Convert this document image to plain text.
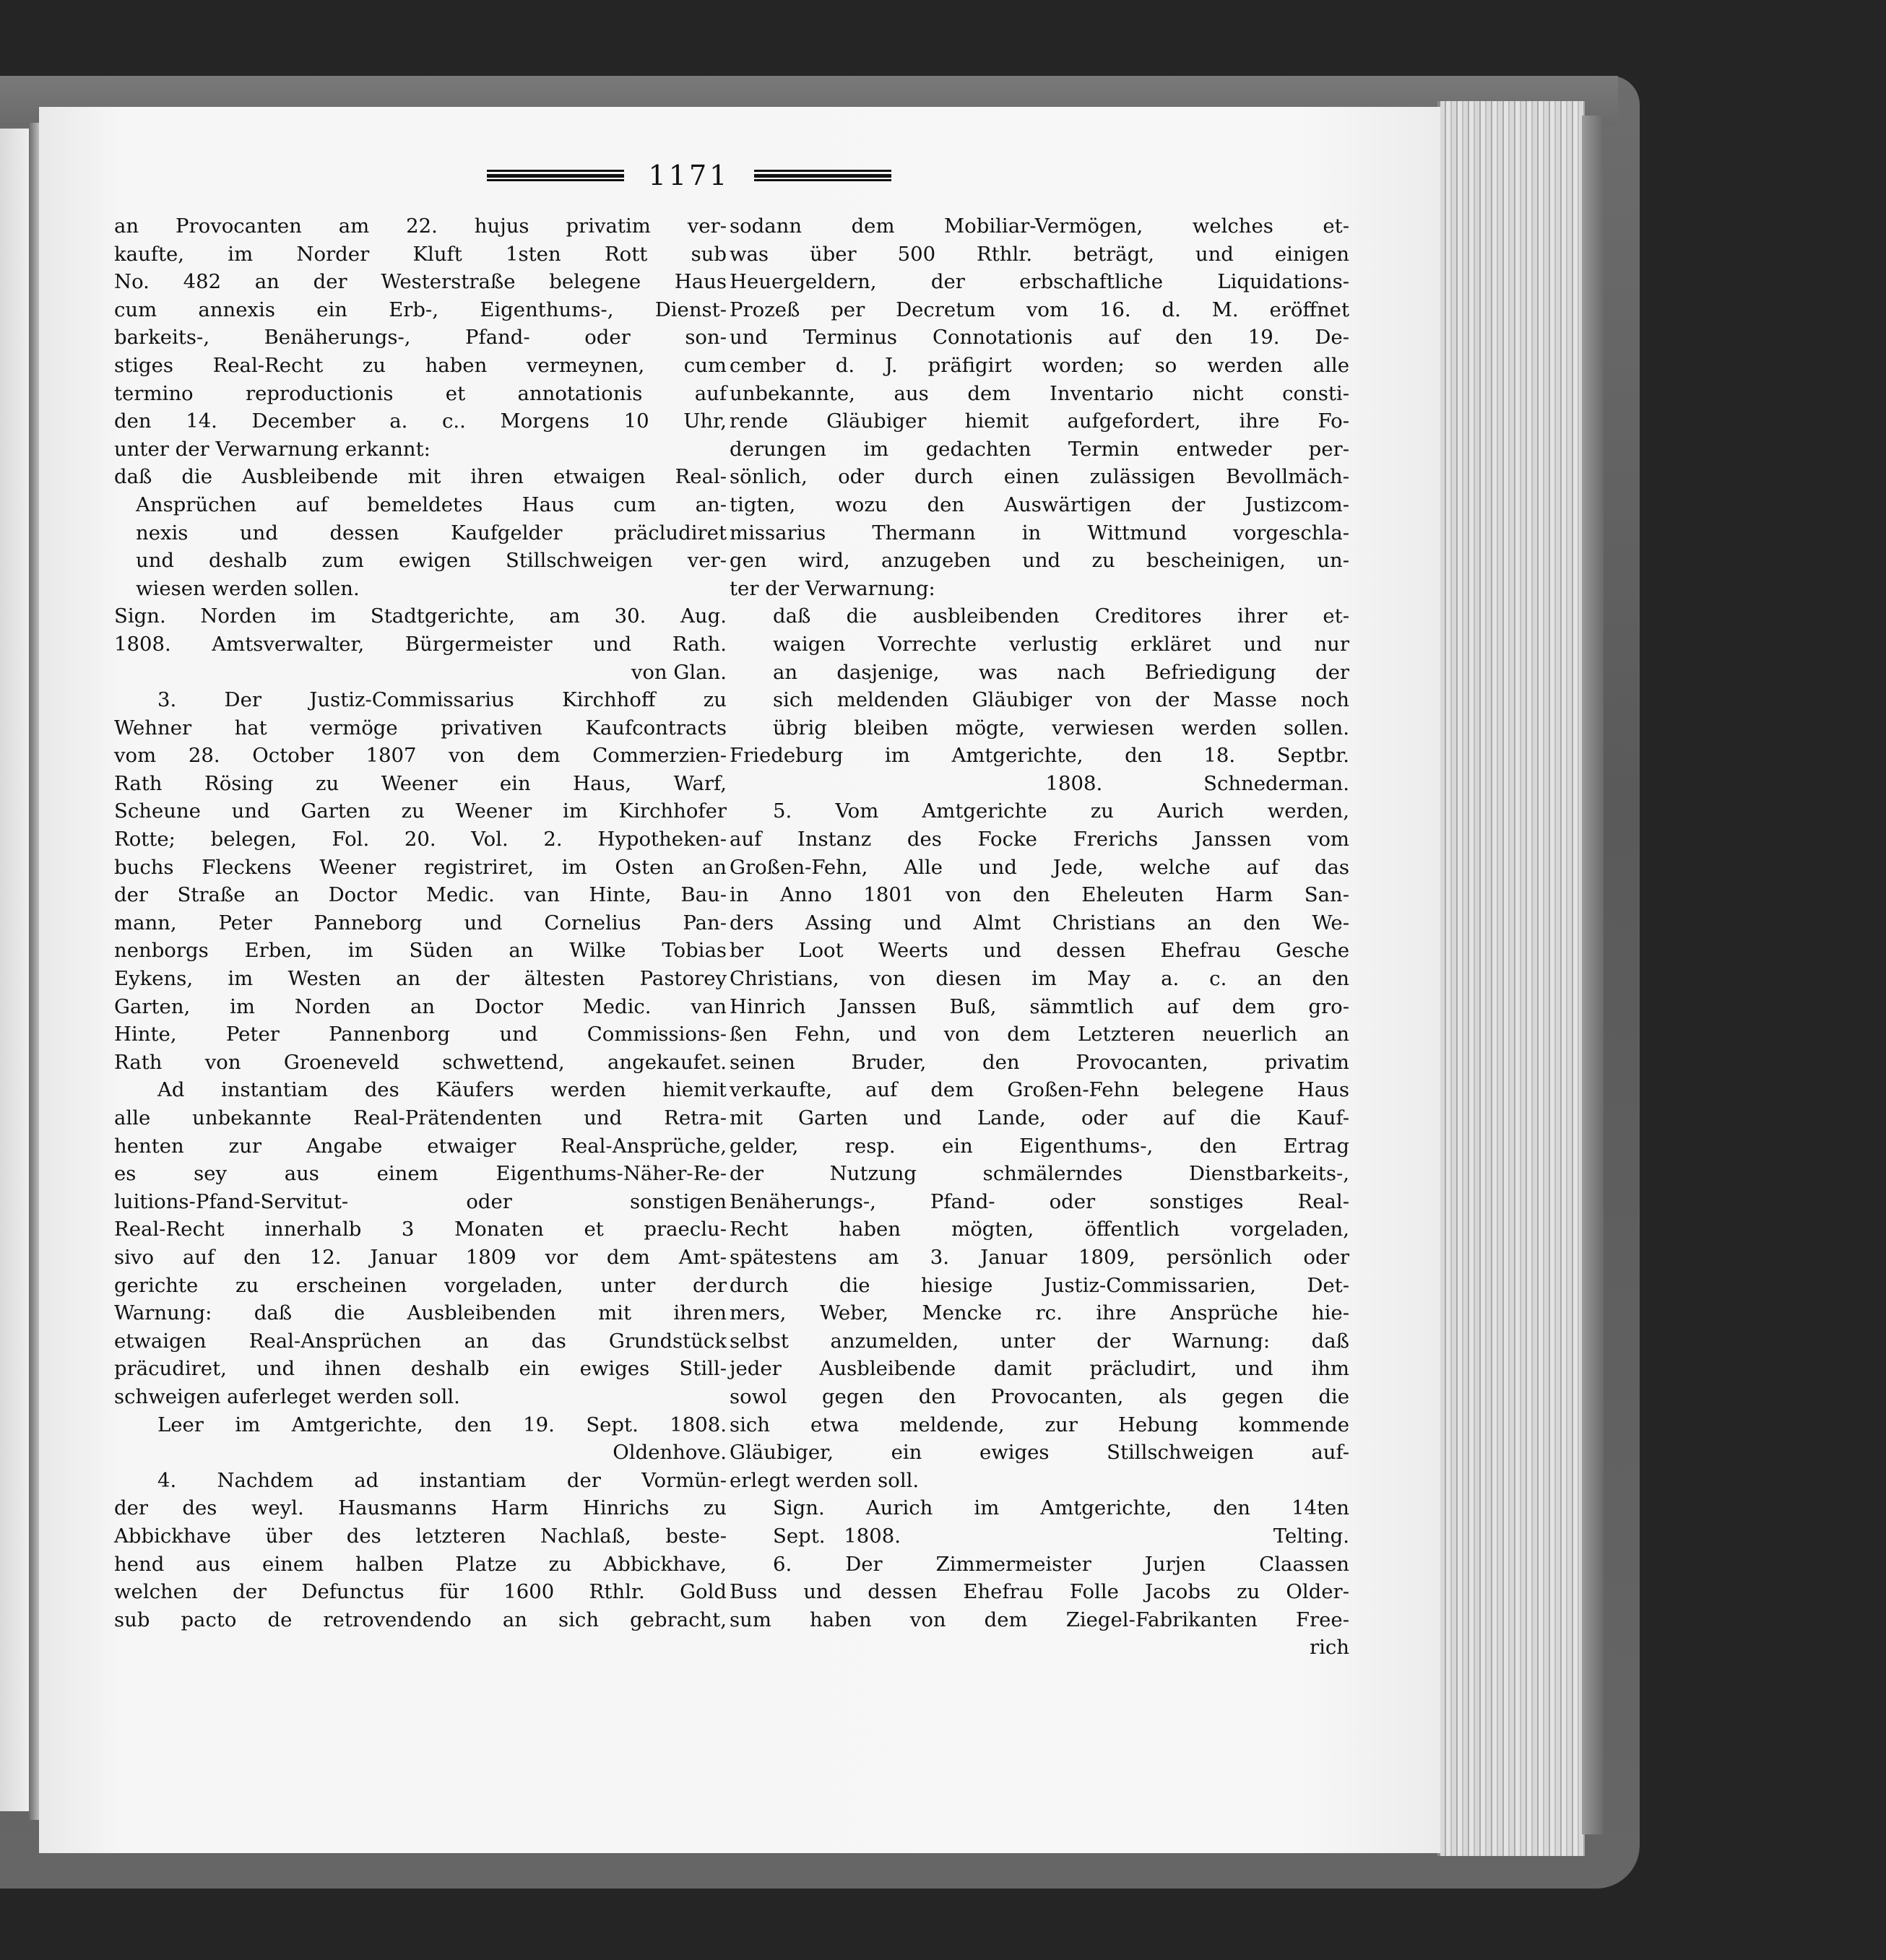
1171
an Provocanten am 22. hujus privatim ver-
kaufte, im Norder Kluft 1sten Rott sub
No. 482 an der Westerstraße belegene Haus
cum annexis ein Erb-, Eigenthums-, Dienst-
barkeits-, Benäherungs-, Pfand- oder son-
stiges Real-Recht zu haben vermeynen, cum
termino reproductionis et annotationis auf
den 14. December a. c.. Morgens 10 Uhr,
unter der Verwarnung erkannt:
daß die Ausbleibende mit ihren etwaigen Real-
Ansprüchen auf bemeldetes Haus cum an-
nexis und dessen Kaufgelder präcludiret
und deshalb zum ewigen Stillschweigen ver-
wiesen werden sollen.
Sign. Norden im Stadtgerichte, am 30. Aug.
1808. Amtsverwalter, Bürgermeister und Rath.
von Glan.
3. Der Justiz-Commissarius Kirchhoff zu
Wehner hat vermöge privativen Kaufcontracts
vom 28. October 1807 von dem Commerzien-
Rath Rösing zu Weener ein Haus, Warf,
Scheune und Garten zu Weener im Kirchhofer
Rotte; belegen, Fol. 20. Vol. 2. Hypotheken-
buchs Fleckens Weener registriret, im Osten an
der Straße an Doctor Medic. van Hinte, Bau-
mann, Peter Panneborg und Cornelius Pan-
nenborgs Erben, im Süden an Wilke Tobias
Eykens, im Westen an der ältesten Pastorey
Garten, im Norden an Doctor Medic. van
Hinte, Peter Pannenborg und Commissions-
Rath von Groeneveld schwettend, angekaufet.
Ad instantiam des Käufers werden hiemit
alle unbekannte Real-Prätendenten und Retra-
henten zur Angabe etwaiger Real-Ansprüche,
es sey aus einem Eigenthums-Näher-Re-
luitions-Pfand-Servitut- oder sonstigen
Real-Recht innerhalb 3 Monaten et praeclu-
sivo auf den 12. Januar 1809 vor dem Amt-
gerichte zu erscheinen vorgeladen, unter der
Warnung: daß die Ausbleibenden mit ihren
etwaigen Real-Ansprüchen an das Grundstück
präcudiret, und ihnen deshalb ein ewiges Still-
schweigen auferleget werden soll.
Leer im Amtgerichte, den 19. Sept. 1808.
Oldenhove.
4. Nachdem ad instantiam der Vormün-
der des weyl. Hausmanns Harm Hinrichs zu
Abbickhave über des letzteren Nachlaß, beste-
hend aus einem halben Platze zu Abbickhave,
welchen der Defunctus für 1600 Rthlr. Gold
sub pacto de retrovendendo an sich gebracht,
sodann dem Mobiliar-Vermögen, welches et-
was über 500 Rthlr. beträgt, und einigen
Heuergeldern, der erbschaftliche Liquidations-
Prozeß per Decretum vom 16. d. M. eröffnet
und Terminus Connotationis auf den 19. De-
cember d. J. präfigirt worden; so werden alle
unbekannte, aus dem Inventario nicht consti-
rende Gläubiger hiemit aufgefordert, ihre Fo-
derungen im gedachten Termin entweder per-
sönlich, oder durch einen zulässigen Bevollmäch-
tigten, wozu den Auswärtigen der Justizcom-
missarius Thermann in Wittmund vorgeschla-
gen wird, anzugeben und zu bescheinigen, un-
ter der Verwarnung:
daß die ausbleibenden Creditores ihrer et-
waigen Vorrechte verlustig erkläret und nur
an dasjenige, was nach Befriedigung der
sich meldenden Gläubiger von der Masse noch
übrig bleiben mögte, verwiesen werden sollen.
Friedeburg im Amtgerichte, den 18. Septbr.
1808.                Schnederman.
5. Vom Amtgerichte zu Aurich werden,
auf Instanz des Focke Frerichs Janssen vom
Großen-Fehn, Alle und Jede, welche auf das
in Anno 1801 von den Eheleuten Harm San-
ders Assing und Almt Christians an den We-
ber Loot Weerts und dessen Ehefrau Gesche
Christians, von diesen im May a. c. an den
Hinrich Janssen Buß, sämmtlich auf dem gro-
ßen Fehn, und von dem Letzteren neuerlich an
seinen Bruder, den Provocanten, privatim
verkaufte, auf dem Großen-Fehn belegene Haus
mit Garten und Lande, oder auf die Kauf-
gelder, resp. ein Eigenthums-, den Ertrag
der Nutzung schmälerndes Dienstbarkeits-,
Benäherungs-, Pfand- oder sonstiges Real-
Recht haben mögten, öffentlich vorgeladen,
spätestens am 3. Januar 1809, persönlich oder
durch die hiesige Justiz-Commissarien, Det-
mers, Weber, Mencke rc. ihre Ansprüche hie-
selbst anzumelden, unter der Warnung: daß
jeder Ausbleibende damit präcludirt, und ihm
sowol gegen den Provocanten, als gegen die
sich etwa meldende, zur Hebung kommende
Gläubiger, ein ewiges Stillschweigen auf-
erlegt werden soll.
Sign. Aurich im Amtgerichte, den 14ten
Sept. 1808.                    Telting.
6. Der Zimmermeister Jurjen Claassen
Buss und dessen Ehefrau Folle Jacobs zu Older-
sum haben von dem Ziegel-Fabrikanten Free-
rich
